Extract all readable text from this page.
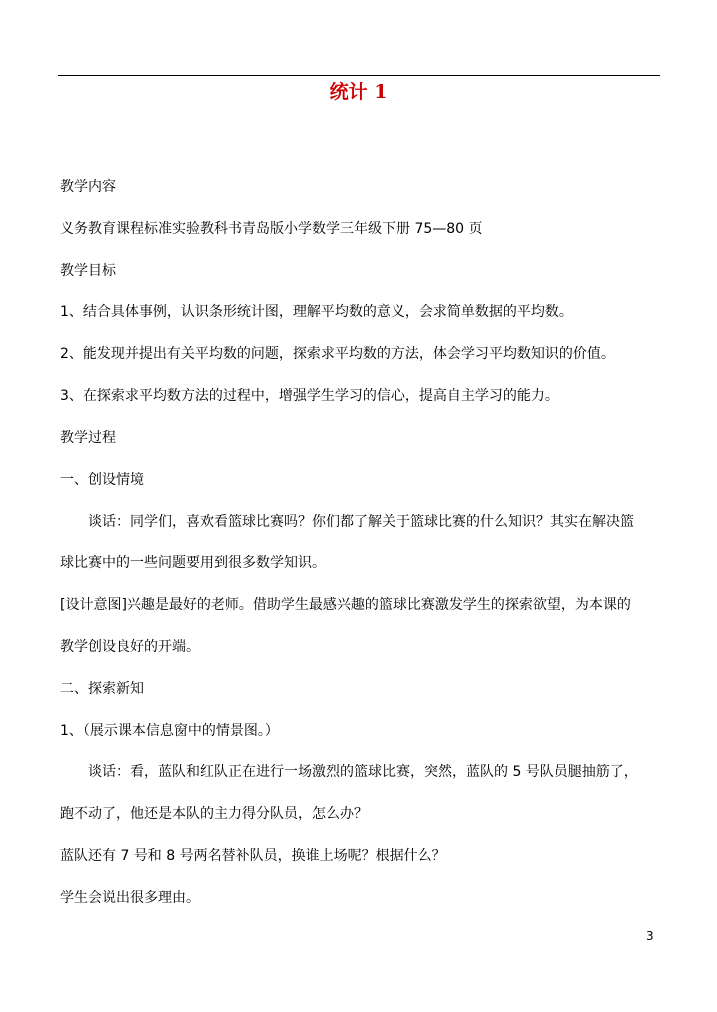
统计 1
教学内容
义务教育课程标准实验教科书青岛版小学数学三年级下册 75—80 页
教学目标
1、结合具体事例，认识条形统计图，理解平均数的意义，会求简单数据的平均数。
2、能发现并提出有关平均数的问题，探索求平均数的方法，体会学习平均数知识的价值。
3、在探索求平均数方法的过程中，增强学生学习的信心，提高自主学习的能力。
教学过程
一、创设情境
　　谈话：同学们，喜欢看篮球比赛吗？你们都了解关于篮球比赛的什么知识？其实在解决篮
球比赛中的一些问题要用到很多数学知识。
[设计意图]兴趣是最好的老师。借助学生最感兴趣的篮球比赛激发学生的探索欲望，为本课的
教学创设良好的开端。
二、探索新知
1、（展示课本信息窗中的情景图。）
　　谈话：看，蓝队和红队正在进行一场激烈的篮球比赛，突然，蓝队的 5 号队员腿抽筋了，
跑不动了，他还是本队的主力得分队员，怎么办？
蓝队还有 7 号和 8 号两名替补队员，换谁上场呢？根据什么？
学生会说出很多理由。
3
